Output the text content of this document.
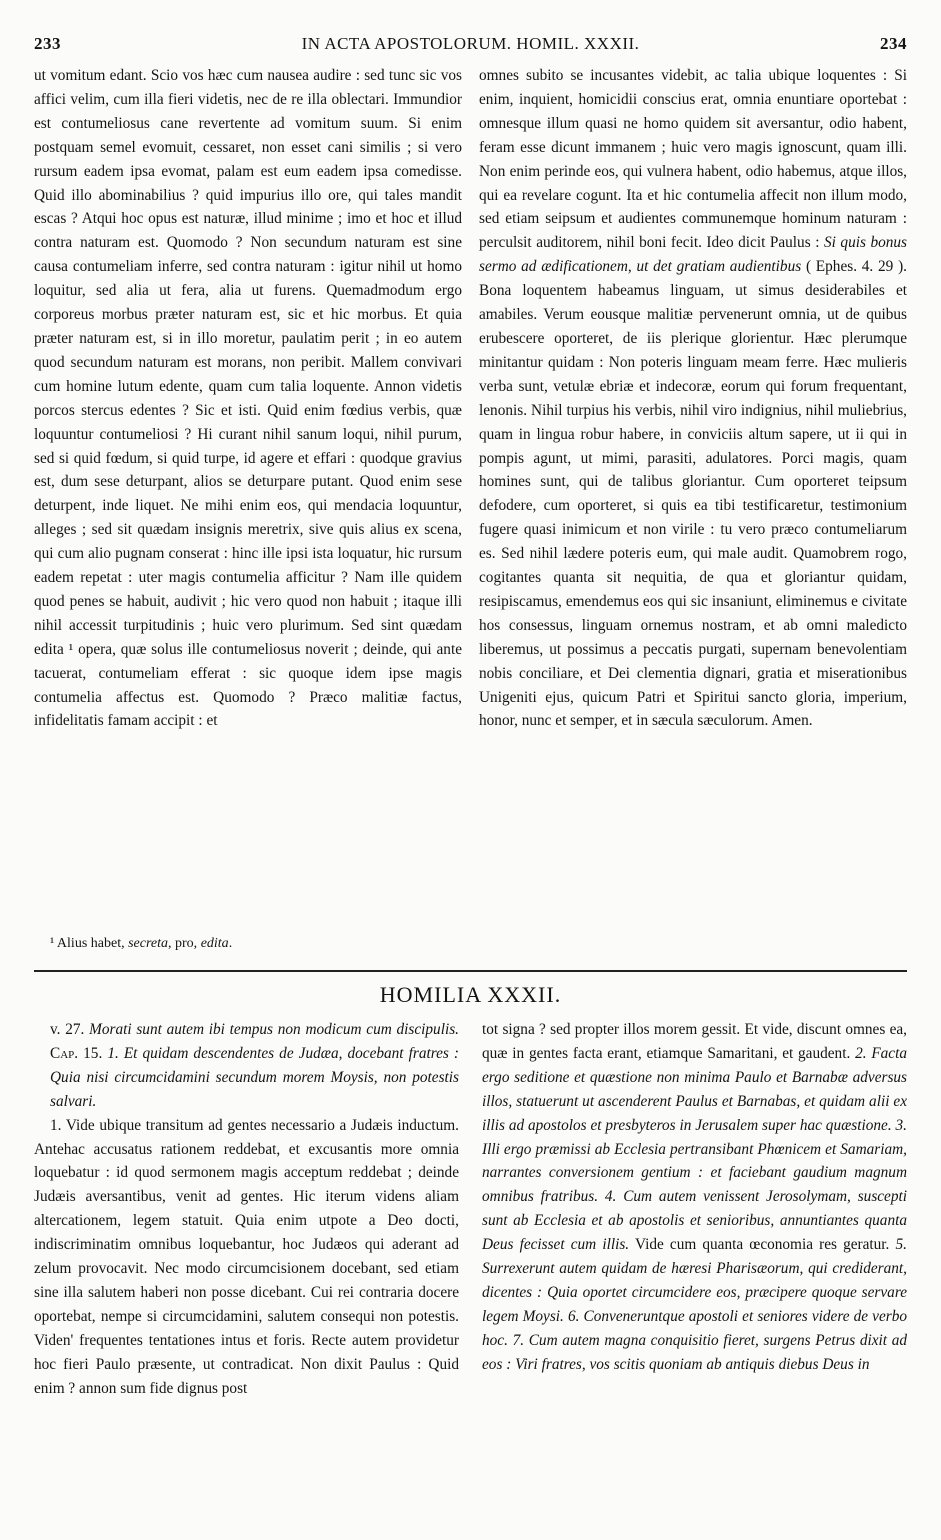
233	IN ACTA APOSTOLORUM. HOMIL. XXXII.	234

ut vomitum edant. Scio vos hæc cum nausea audire : sed tunc sic vos affici velim, cum illa fieri videtis, nec de re illa oblectari. Immundior est contumeliosus cane revertente ad vomitum suum. Si enim postquam semel evomuit, cessaret, non esset cani similis ; si vero rursum eadem ipsa evomat, palam est eum eadem ipsa comedisse. Quid illo abominabilius ? quid impurius illo ore, qui tales mandit escas ? Atqui hoc opus est naturæ, illud minime ; imo et hoc et illud contra naturam est. Quomodo ? Non secundum naturam est sine causa contumeliam inferre, sed contra naturam : igitur nihil ut homo loquitur, sed alia ut fera, alia ut furens. Quemadmodum ergo corporeus morbus præter naturam est, sic et hic morbus. Et quia præter naturam est, si in illo moretur, paulatim perit ; in eo autem quod secundum naturam est morans, non peribit. Mallem convivari cum homine lutum edente, quam cum talia loquente. Annon videtis porcos stercus edentes ? Sic et isti. Quid enim fœdius verbis, quæ loquuntur contumeliosi ? Hi curant nihil sanum loqui, nihil purum, sed si quid fœdum, si quid turpe, id agere et effari : quodque gravius est, dum sese deturpant, alios se deturpare putant. Quod enim sese deturpent, inde liquet. Ne mihi enim eos, qui mendacia loquuntur, alleges ; sed sit quædam insignis meretrix, sive quis alius ex scena, qui cum alio pugnam conserat : hinc ille ipsi ista loquatur, hic rursum eadem repetat : uter magis contumelia afficitur ? Nam ille quidem quod penes se habuit, audivit ; hic vero quod non habuit ; itaque illi nihil accessit turpitudinis ; huic vero plurimum. Sed sint quædam edita ¹ opera, quæ solus ille contumeliosus noverit ; deinde, qui ante tacuerat, contumeliam efferat : sic quoque idem ipse magis contumelia affectus est. Quomodo ? Præco malitiæ factus, infidelitatis famam accipit : et

¹ Alius habet, secreta, pro, edita.

omnes subito se incusantes videbit, ac talia ubique loquentes : Si enim, inquient, homicidii conscius erat, omnia enuntiare oportebat : omnesque illum quasi ne homo quidem sit aversantur, odio habent, feram esse dicunt immanem ; huic vero magis ignoscunt, quam illi. Non enim perinde eos, qui vulnera habent, odio habemus, atque illos, qui ea revelare cogunt. Ita et hic contumelia affecit non illum modo, sed etiam seipsum et audientes communemque hominum naturam : perculsit auditorem, nihil boni fecit. Ideo dicit Paulus : Si quis bonus sermo ad ædificationem, ut det gratiam audientibus ( Ephes. 4. 29 ). Bona loquentem habeamus linguam, ut simus desiderabiles et amabiles. Verum eousque malitiæ pervenerunt omnia, ut de quibus erubescere oporteret, de iis plerique glorientur. Hæc plerumque minitantur quidam : Non poteris linguam meam ferre. Hæc mulieris verba sunt, vetulæ ebriæ et indecoræ, eorum qui forum frequentant, lenonis. Nihil turpius his verbis, nihil viro indignius, nihil muliebrius, quam in lingua robur habere, in conviciis altum sapere, ut ii qui in pompis agunt, ut mimi, parasiti, adulatores. Porci magis, quam homines sunt, qui de talibus gloriantur. Cum oporteret teipsum defodere, cum oporteret, si quis ea tibi testificaretur, testimonium fugere quasi inimicum et non virile : tu vero præco contumeliarum es. Sed nihil lædere poteris eum, qui male audit. Quamobrem rogo, cogitantes quanta sit nequitia, de qua et gloriantur quidam, resipiscamus, emendemus eos qui sic insaniunt, eliminemus e civitate hos consessus, linguam ornemus nostram, et ab omni maledicto liberemus, ut possimus a peccatis purgati, supernam benevolentiam nobis conciliare, et Dei clementia dignari, gratia et miserationibus Unigeniti ejus, quicum Patri et Spiritui sancto gloria, imperium, honor, nunc et semper, et in sæcula sæculorum. Amen.

HOMILIA XXXII.

v. 27. Morati sunt autem ibi tempus non modicum cum discipulis. Cap. 15. 1. Et quidam descendentes de Judæa, docebant fratres : Quia nisi circumcidamini secundum morem Moysis, non potestis salvari.

1. Vide ubique transitum ad gentes necessario a Judæis inductum. Antehac accusatus rationem reddebat, et excusantis more omnia loquebatur : id quod sermonem magis acceptum reddebat ; deinde Judæis aversantibus, venit ad gentes. Hic iterum videns aliam altercationem, legem statuit. Quia enim utpote a Deo docti, indiscriminatim omnibus loquebantur, hoc Judæos qui aderant ad zelum provocavit. Nec modo circumcisionem docebant, sed etiam sine illa salutem haberi non posse dicebant. Cui rei contraria docere oportebat, nempe si circumcidamini, salutem consequi non potestis. Viden' frequentes tentationes intus et foris. Recte autem providetur hoc fieri Paulo præsente, ut contradicat. Non dixit Paulus : Quid enim ? annon sum fide dignus post

tot signa ? sed propter illos morem gessit. Et vide, discunt omnes ea, quæ in gentes facta erant, etiamque Samaritani, et gaudent. 2. Facta ergo seditione et quæstione non minima Paulo et Barnabæ adversus illos, statuerunt ut ascenderent Paulus et Barnabas, et quidam alii ex illis ad apostolos et presbyteros in Jerusalem super hac quæstione. 3. Illi ergo præmissi ab Ecclesia pertransibant Phœnicem et Samariam, narrantes conversionem gentium : et faciebant gaudium magnum omnibus fratribus. 4. Cum autem venissent Jerosolymam, suscepti sunt ab Ecclesia et ab apostolis et senioribus, annuntiantes quanta Deus fecisset cum illis. Vide cum quanta œconomia res geratur. 5. Surrexerunt autem quidam de hæresi Pharisæorum, qui crediderant, dicentes : Quia oportet circumcidere eos, præcipere quoque servare legem Moysi. 6. Conveneruntque apostoli et seniores videre de verbo hoc. 7. Cum autem magna conquisitio fieret, surgens Petrus dixit ad eos : Viri fratres, vos scitis quoniam ab antiquis diebus Deus in
